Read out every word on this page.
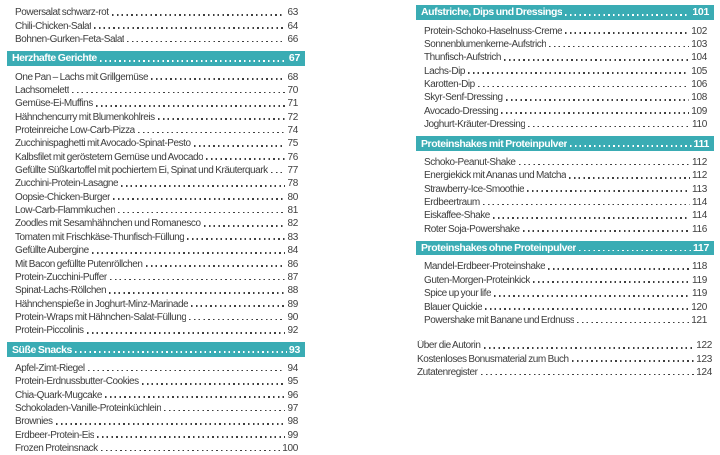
Powersalat schwarz-rot	63
Chili-Chicken-Salat	64
Bohnen-Gurken-Feta-Salat	66
Herzhafte Gerichte	67
One Pan – Lachs mit Grillgemüse	68
Lachsomelett	70
Gemüse-Ei-Muffins	71
Hähnchencurry mit Blumenkohlreis	72
Proteinreiche Low-Carb-Pizza	74
Zucchinispaghetti mit Avocado-Spinat-Pesto	75
Kalbsfilet mit geröstetem Gemüse und Avocado	76
Gefüllte Süßkartoffel mit pochiertem Ei, Spinat und Kräuterquark 77
Zucchini-Protein-Lasagne	78
Oopsie-Chicken-Burger	80
Low-Carb-Flammkuchen	81
Zoodles mit Sesamhähnchen und Romanesco	82
Tomaten mit Frischkäse-Thunfisch-Füllung	83
Gefüllte Aubergine	84
Mit Bacon gefüllte Putenröllchen	86
Protein-Zucchini-Puffer	87
Spinat-Lachs-Röllchen	88
Hähnchenspieße in Joghurt-Minz-Marinade	89
Protein-Wraps mit Hähnchen-Salat-Füllung	90
Protein-Piccolinis	92
Süße Snacks	93
Apfel-Zimt-Riegel	94
Protein-Erdnussbutter-Cookies	95
Chia-Quark-Mugcake	96
Schokoladen-Vanille-Proteinküchlein	97
Brownies	98
Erdbeer-Protein-Eis	99
Frozen Proteinsnack	100
Aufstriche, Dips und Dressings	101
Protein-Schoko-Haselnuss-Creme	102
Sonnenblumenkerne-Aufstrich	103
Thunfisch-Aufstrich	104
Lachs-Dip	105
Karotten-Dip	106
Skyr-Senf-Dressing	108
Avocado-Dressing	109
Joghurt-Kräuter-Dressing	110
Proteinshakes mit Proteinpulver	111
Schoko-Peanut-Shake	112
Energiekick mit Ananas und Matcha	112
Strawberry-Ice-Smoothie	113
Erdbeertraum	114
Eiskaffee-Shake	114
Roter Soja-Powershake	116
Proteinshakes ohne Proteinpulver	117
Mandel-Erdbeer-Proteinshake	118
Guten-Morgen-Proteinkick	119
Spice up your life	119
Blauer Quickie	120
Powershake mit Banane und Erdnuss	121
Über die Autorin	122
Kostenloses Bonusmaterial zum Buch	123
Zutatenregister	124
